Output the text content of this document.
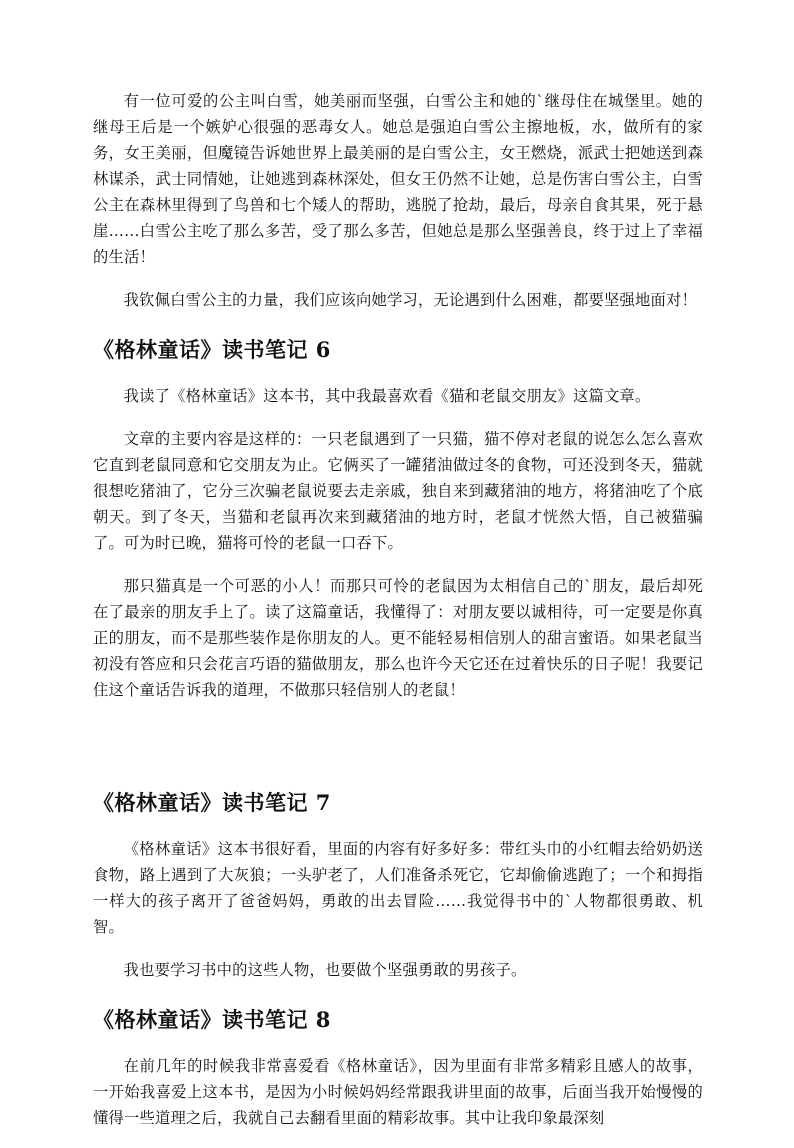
有一位可爱的公主叫白雪，她美丽而坚强，白雪公主和她的`继母住在城堡里。她的继母王后是一个嫉妒心很强的恶毒女人。她总是强迫白雪公主擦地板，水，做所有的家务，女王美丽，但魔镜告诉她世界上最美丽的是白雪公主，女王燃烧，派武士把她送到森林谋杀，武士同情她，让她逃到森林深处，但女王仍然不让她，总是伤害白雪公主，白雪公主在森林里得到了鸟兽和七个矮人的帮助，逃脱了抢劫，最后，母亲自食其果，死于悬崖……白雪公主吃了那么多苦，受了那么多苦，但她总是那么坚强善良，终于过上了幸福的生活！

我钦佩白雪公主的力量，我们应该向她学习，无论遇到什么困难，都要坚强地面对！

《格林童话》读书笔记 6

我读了《格林童话》这本书，其中我最喜欢看《猫和老鼠交朋友》这篇文章。

文章的主要内容是这样的：一只老鼠遇到了一只猫，猫不停对老鼠的说怎么怎么喜欢它直到老鼠同意和它交朋友为止。它俩买了一罐猪油做过冬的食物，可还没到冬天，猫就很想吃猪油了，它分三次骗老鼠说要去走亲戚，独自来到藏猪油的地方，将猪油吃了个底朝天。到了冬天，当猫和老鼠再次来到藏猪油的地方时，老鼠才恍然大悟，自己被猫骗了。可为时已晚，猫将可怜的老鼠一口吞下。

那只猫真是一个可恶的小人！而那只可怜的老鼠因为太相信自己的`朋友，最后却死在了最亲的朋友手上了。读了这篇童话，我懂得了：对朋友要以诚相待，可一定要是你真正的朋友，而不是那些装作是你朋友的人。更不能轻易相信别人的甜言蜜语。如果老鼠当初没有答应和只会花言巧语的猫做朋友，那么也许今天它还在过着快乐的日子呢！我要记住这个童话告诉我的道理，不做那只轻信别人的老鼠！

《格林童话》读书笔记 7

《格林童话》这本书很好看，里面的内容有好多好多：带红头巾的小红帽去给奶奶送食物，路上遇到了大灰狼；一头驴老了，人们准备杀死它，它却偷偷逃跑了；一个和拇指一样大的孩子离开了爸爸妈妈，勇敢的出去冒险……我觉得书中的`人物都很勇敢、机智。

我也要学习书中的这些人物，也要做个坚强勇敢的男孩子。

《格林童话》读书笔记 8

在前几年的时候我非常喜爱看《格林童话》，因为里面有非常多精彩且感人的故事，一开始我喜爱上这本书，是因为小时候妈妈经常跟我讲里面的故事，后面当我开始慢慢的懂得一些道理之后，我就自己去翻看里面的精彩故事。其中让我印象最深刻
